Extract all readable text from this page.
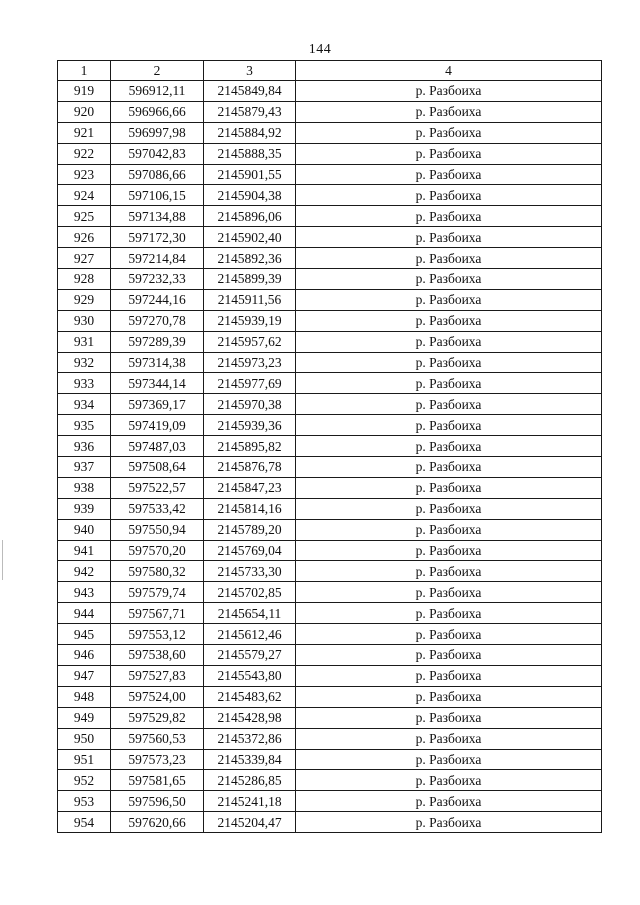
144
1	2	3	4
919	596912,11	2145849,84	р. Разбоиха
920	596966,66	2145879,43	р. Разбоиха
921	596997,98	2145884,92	р. Разбоиха
922	597042,83	2145888,35	р. Разбоиха
923	597086,66	2145901,55	р. Разбоиха
924	597106,15	2145904,38	р. Разбоиха
925	597134,88	2145896,06	р. Разбоиха
926	597172,30	2145902,40	р. Разбоиха
927	597214,84	2145892,36	р. Разбоиха
928	597232,33	2145899,39	р. Разбоиха
929	597244,16	2145911,56	р. Разбоиха
930	597270,78	2145939,19	р. Разбоиха
931	597289,39	2145957,62	р. Разбоиха
932	597314,38	2145973,23	р. Разбоиха
933	597344,14	2145977,69	р. Разбоиха
934	597369,17	2145970,38	р. Разбоиха
935	597419,09	2145939,36	р. Разбоиха
936	597487,03	2145895,82	р. Разбоиха
937	597508,64	2145876,78	р. Разбоиха
938	597522,57	2145847,23	р. Разбоиха
939	597533,42	2145814,16	р. Разбоиха
940	597550,94	2145789,20	р. Разбоиха
941	597570,20	2145769,04	р. Разбоиха
942	597580,32	2145733,30	р. Разбоиха
943	597579,74	2145702,85	р. Разбоиха
944	597567,71	2145654,11	р. Разбоиха
945	597553,12	2145612,46	р. Разбоиха
946	597538,60	2145579,27	р. Разбоиха
947	597527,83	2145543,80	р. Разбоиха
948	597524,00	2145483,62	р. Разбоиха
949	597529,82	2145428,98	р. Разбоиха
950	597560,53	2145372,86	р. Разбоиха
951	597573,23	2145339,84	р. Разбоиха
952	597581,65	2145286,85	р. Разбоиха
953	597596,50	2145241,18	р. Разбоиха
954	597620,66	2145204,47	р. Разбоиха
